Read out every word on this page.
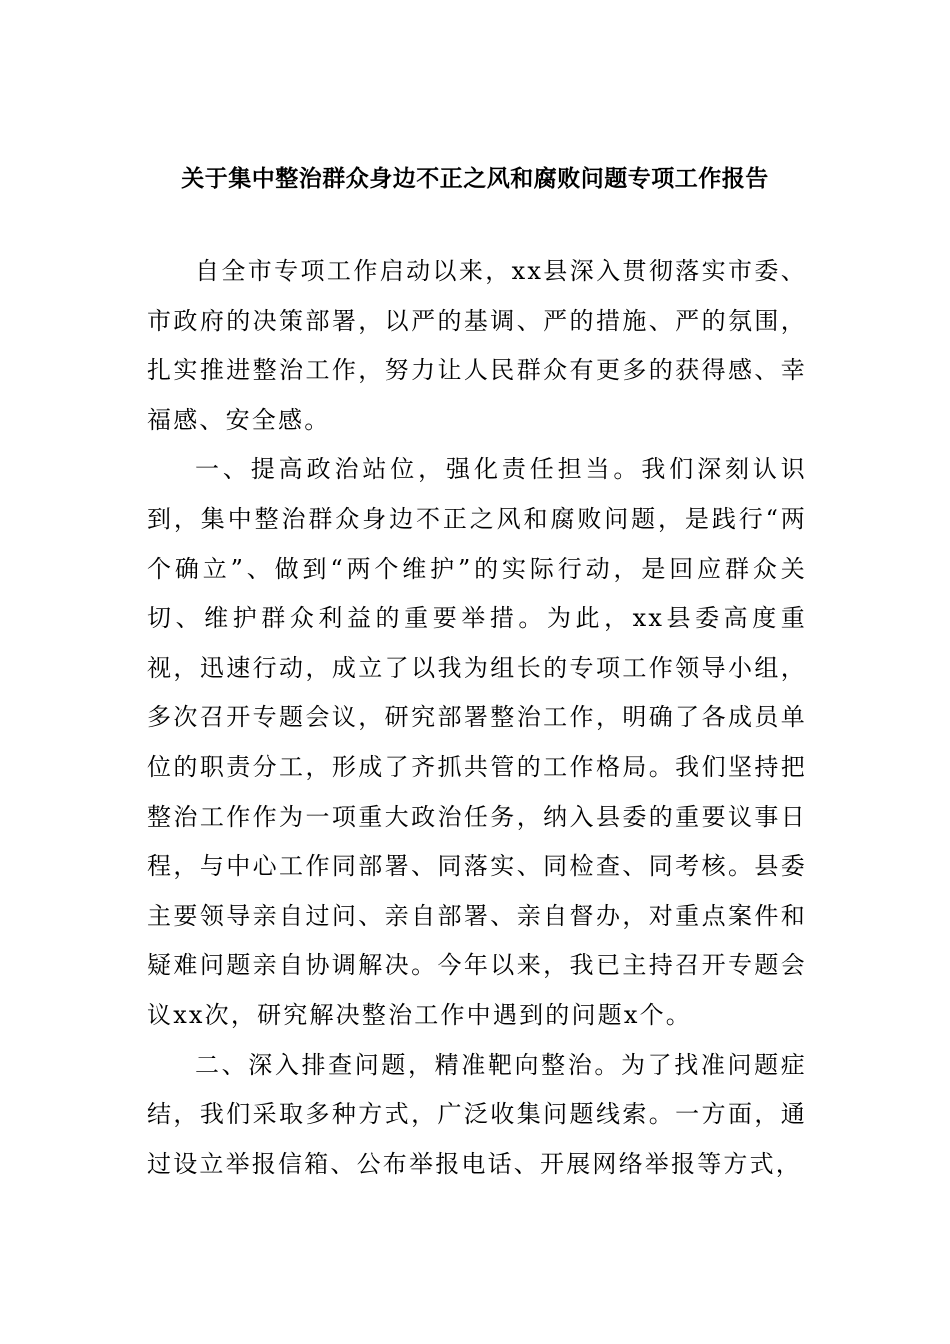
关于集中整治群众身边不正之风和腐败问题专项工作报告

自全市专项工作启动以来，xx县深入贯彻落实市委、市政府的决策部署，以严的基调、严的措施、严的氛围，扎实推进整治工作，努力让人民群众有更多的获得感、幸福感、安全感。

一、提高政治站位，强化责任担当。我们深刻认识到，集中整治群众身边不正之风和腐败问题，是践行“两个确立”、做到“两个维护”的实际行动，是回应群众关切、维护群众利益的重要举措。为此，xx县委高度重视，迅速行动，成立了以我为组长的专项工作领导小组，多次召开专题会议，研究部署整治工作，明确了各成员单位的职责分工，形成了齐抓共管的工作格局。我们坚持把整治工作作为一项重大政治任务，纳入县委的重要议事日程，与中心工作同部署、同落实、同检查、同考核。县委主要领导亲自过问、亲自部署、亲自督办，对重点案件和疑难问题亲自协调解决。今年以来，我已主持召开专题会议xx次，研究解决整治工作中遇到的问题x个。

二、深入排查问题，精准靶向整治。为了找准问题症结，我们采取多种方式，广泛收集问题线索。一方面，通过设立举报信箱、公布举报电话、开展网络举报等方式，
